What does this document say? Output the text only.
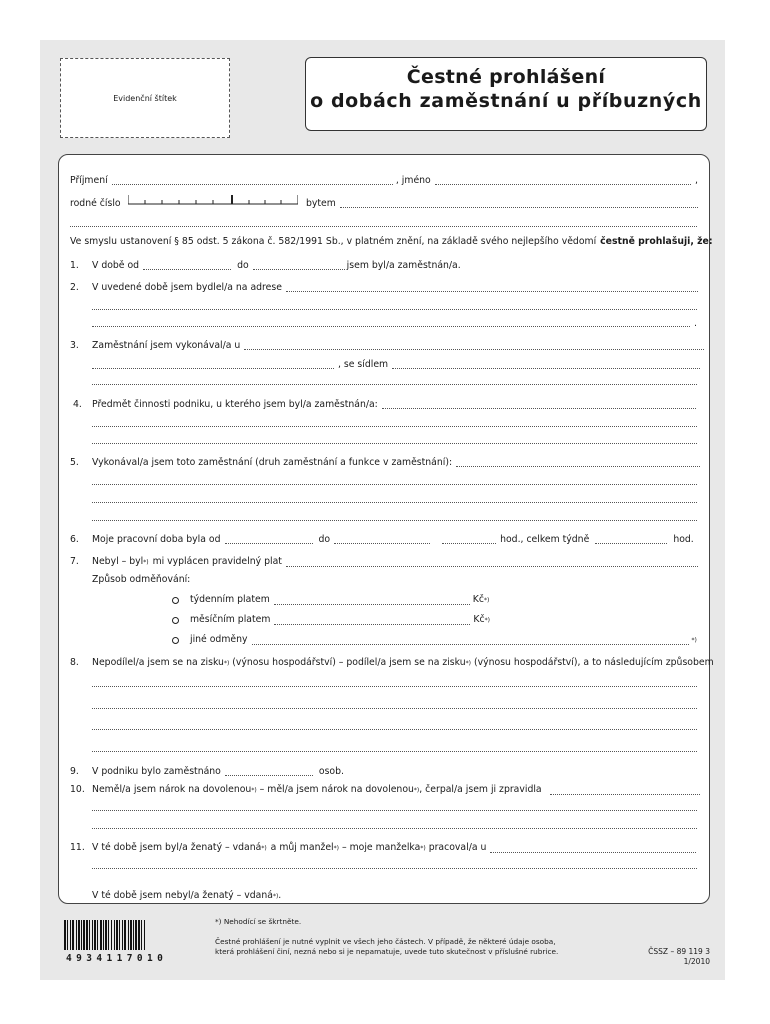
Evidenční štítek
Čestné prohlášení
o dobách zaměstnání u příbuzných
Příjmení	, jméno	,
rodné číslo	bytem
Ve smyslu ustanovení § 85 odst. 5 zákona č. 582/1991 Sb., v platném znění, na základě svého nejlepšího vědomí čestně prohlašuji, že:
1. V době od	do	jsem byl/a zaměstnán/a.
2. V uvedené době jsem bydlel/a na adrese
.
3. Zaměstnání jsem vykonával/a u
, se sídlem
4. Předmět činnosti podniku, u kterého jsem byl/a zaměstnán/a:
5. Vykonával/a jsem toto zaměstnání (druh zaměstnání a funkce v zaměstnání):
6. Moje pracovní doba byla od	do	hod., celkem týdně	hod.
7. Nebyl – byl *) mi vyplácen pravidelný plat
Způsob odměňování:
týdenním platem	Kč *)
měsíčním platem	Kč *)
jiné odměny	*)
8. Nepodílel/a jsem se na zisku *) (výnosu hospodářství) – podílel/a jsem se na zisku *) (výnosu hospodářství), a to následujícím způsobem
9. V podniku bylo zaměstnáno	osob.
10. Neměl/a jsem nárok na dovolenou *) – měl/a jsem nárok na dovolenou *) , čerpal/a jsem ji zpravidla
11. V té době jsem byl/a ženatý – vdaná *) a můj manžel *) – moje manželka *) pracoval/a u
V té době jsem nebyl/a ženatý – vdaná *) .
4934117010
*) Nehodící se škrtněte.
Čestné prohlášení je nutné vyplnit ve všech jeho částech. V případě, že některé údaje osoba,
která prohlášení činí, nezná nebo si je nepamatuje, uvede tuto skutečnost v příslušné rubrice.	ČSSZ – 89 119 3
1/2010
